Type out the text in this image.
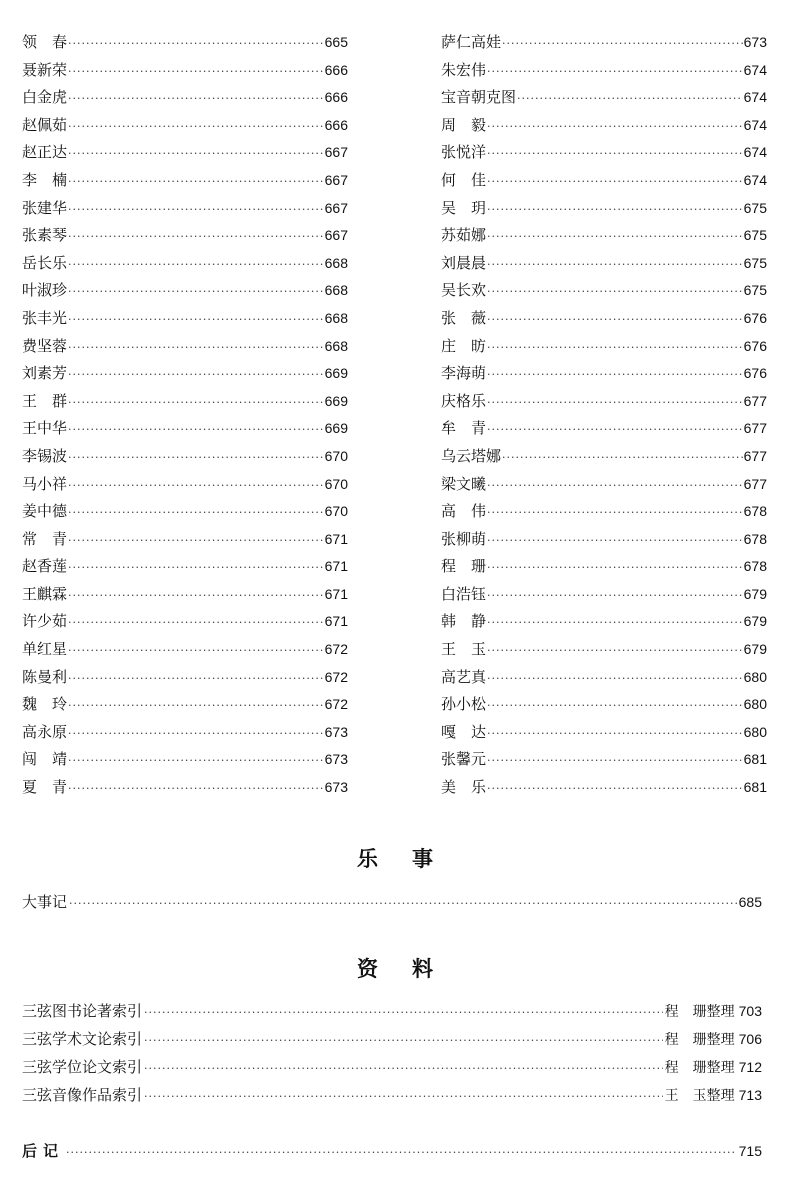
领　春 ·····	665
聂新荣 ·····	666
白金虎 ·····	666
赵佩茹 ·····	666
赵正达 ·····	667
李　楠 ·····	667
张建华 ·····	667
张素琴 ·····	667
岳长乐 ·····	668
叶淑珍 ·····	668
张丰光 ·····	668
费坚蓉 ·····	668
刘素芳 ·····	669
王　群 ·····	669
王中华 ·····	669
李锡波 ·····	670
马小祥 ·····	670
姜中德 ·····	670
常　青 ·····	671
赵香莲 ·····	671
王麒霖 ·····	671
许少茹 ·····	671
单红星 ·····	672
陈曼利 ·····	672
魏　玲 ·····	672
高永原 ·····	673
闯　靖 ·····	673
夏　青 ·····	673
萨仁高娃 ·····	673
朱宏伟 ·····	674
宝音朝克图 ·····	674
周　毅 ·····	674
张悦洋 ·····	674
何　佳 ·····	674
吴　玥 ·····	675
苏茹娜 ·····	675
刘晨晨 ·····	675
吴长欢 ·····	675
张　薇 ·····	676
庄　昉 ·····	676
李海萌 ·····	676
庆格乐 ·····	677
牟　青 ·····	677
乌云塔娜 ·····	677
梁文曦 ·····	677
高　伟 ·····	678
张柳萌 ·····	678
程　珊 ·····	678
白浩钰 ·····	679
韩　静 ·····	679
王　玉 ·····	679
高艺真 ·····	680
孙小松 ·····	680
嘎　达 ·····	680
张馨元 ·····	681
美　乐 ·····	681
乐事
大事记 ·····	685
资料
三弦图书论著索引 ·····	程　珊整理 703
三弦学术文论索引 ·····	程　珊整理 706
三弦学位论文索引 ·····	程　珊整理 712
三弦音像作品索引 ·····	王　玉整理 713
后记 ·····	715
